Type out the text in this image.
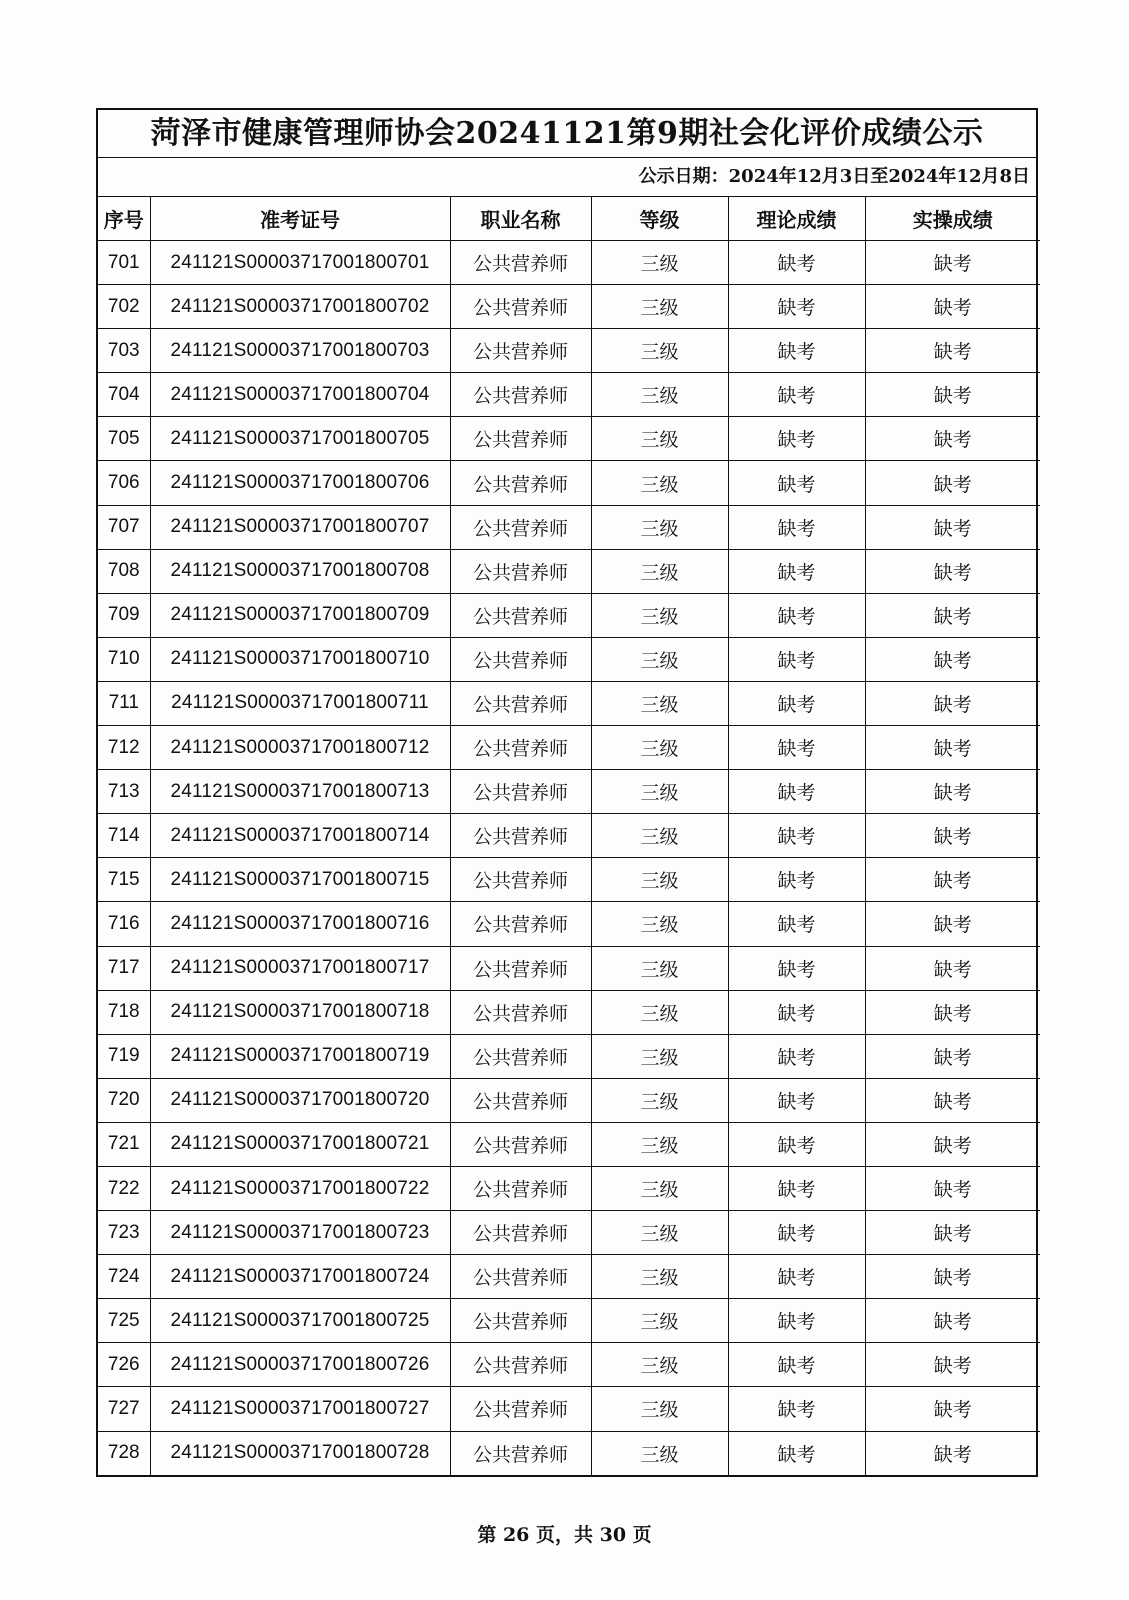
菏泽市健康管理师协会20241121第9期社会化评价成绩公示
公示日期：2024年12月3日至2024年12月8日
序号	准考证号	职业名称	等级	理论成绩	实操成绩
701	241121S00003717001800701	公共营养师	三级	缺考	缺考
702	241121S00003717001800702	公共营养师	三级	缺考	缺考
703	241121S00003717001800703	公共营养师	三级	缺考	缺考
704	241121S00003717001800704	公共营养师	三级	缺考	缺考
705	241121S00003717001800705	公共营养师	三级	缺考	缺考
706	241121S00003717001800706	公共营养师	三级	缺考	缺考
707	241121S00003717001800707	公共营养师	三级	缺考	缺考
708	241121S00003717001800708	公共营养师	三级	缺考	缺考
709	241121S00003717001800709	公共营养师	三级	缺考	缺考
710	241121S00003717001800710	公共营养师	三级	缺考	缺考
711	241121S00003717001800711	公共营养师	三级	缺考	缺考
712	241121S00003717001800712	公共营养师	三级	缺考	缺考
713	241121S00003717001800713	公共营养师	三级	缺考	缺考
714	241121S00003717001800714	公共营养师	三级	缺考	缺考
715	241121S00003717001800715	公共营养师	三级	缺考	缺考
716	241121S00003717001800716	公共营养师	三级	缺考	缺考
717	241121S00003717001800717	公共营养师	三级	缺考	缺考
718	241121S00003717001800718	公共营养师	三级	缺考	缺考
719	241121S00003717001800719	公共营养师	三级	缺考	缺考
720	241121S00003717001800720	公共营养师	三级	缺考	缺考
721	241121S00003717001800721	公共营养师	三级	缺考	缺考
722	241121S00003717001800722	公共营养师	三级	缺考	缺考
723	241121S00003717001800723	公共营养师	三级	缺考	缺考
724	241121S00003717001800724	公共营养师	三级	缺考	缺考
725	241121S00003717001800725	公共营养师	三级	缺考	缺考
726	241121S00003717001800726	公共营养师	三级	缺考	缺考
727	241121S00003717001800727	公共营养师	三级	缺考	缺考
728	241121S00003717001800728	公共营养师	三级	缺考	缺考
第 26 页，共 30 页
